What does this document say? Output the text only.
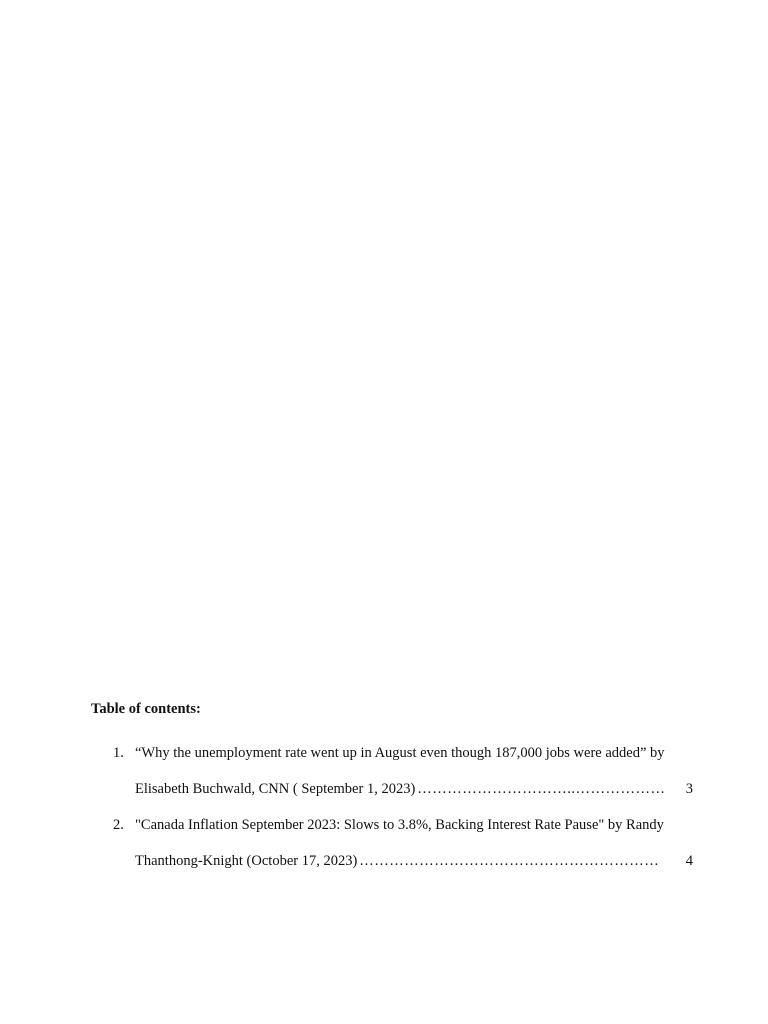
Table of contents:

1. “Why the unemployment rate went up in August even though 187,000 jobs were added” by
Elisabeth Buchwald, CNN ( September 1, 2023) …………………………..………………	3
2. "Canada Inflation September 2023: Slows to 3.8%, Backing Interest Rate Pause" by Randy
Thanthong-Knight (October 17, 2023) ……………………………………………………	4
